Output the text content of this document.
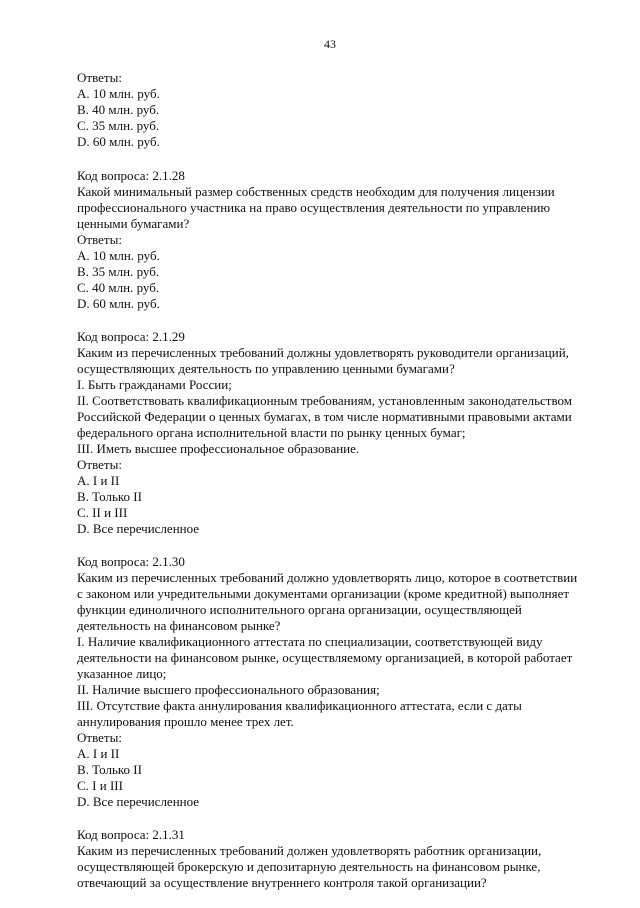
43
Ответы:
A. 10 млн. руб.
B. 40 млн. руб.
C. 35 млн. руб.
D. 60 млн. руб.
Код вопроса: 2.1.28
Какой минимальный размер собственных средств необходим для получения лицензии
профессионального участника на право осуществления деятельности по управлению
ценными бумагами?
Ответы:
A. 10 млн. руб.
B. 35 млн. руб.
C. 40 млн. руб.
D. 60 млн. руб.
Код вопроса: 2.1.29
Каким из перечисленных требований должны удовлетворять руководители организаций,
осуществляющих деятельность по управлению ценными бумагами?
I. Быть гражданами России;
II. Соответствовать квалификационным требованиям, установленным законодательством
Российской Федерации о ценных бумагах, в том числе нормативными правовыми актами
федерального органа исполнительной власти по рынку ценных бумаг;
III. Иметь высшее профессиональное образование.
Ответы:
A. I и II
B. Только II
C. II и III
D. Все перечисленное
Код вопроса: 2.1.30
Каким из перечисленных требований должно удовлетворять лицо, которое в соответствии
с законом или учредительными документами организации (кроме кредитной) выполняет
функции единоличного исполнительного органа организации, осуществляющей
деятельность на финансовом рынке?
I. Наличие квалификационного аттестата по специализации, соответствующей виду
деятельности на финансовом рынке, осуществляемому организацией, в которой работает
указанное лицо;
II. Наличие высшего профессионального образования;
III. Отсутствие факта аннулирования квалификационного аттестата, если с даты
аннулирования прошло менее трех лет.
Ответы:
A. I и II
B. Только II
C. I и III
D. Все перечисленное
Код вопроса: 2.1.31
Каким из перечисленных требований должен удовлетворять работник организации,
осуществляющей брокерскую и депозитарную деятельность на финансовом рынке,
отвечающий за осуществление внутреннего контроля такой организации?
